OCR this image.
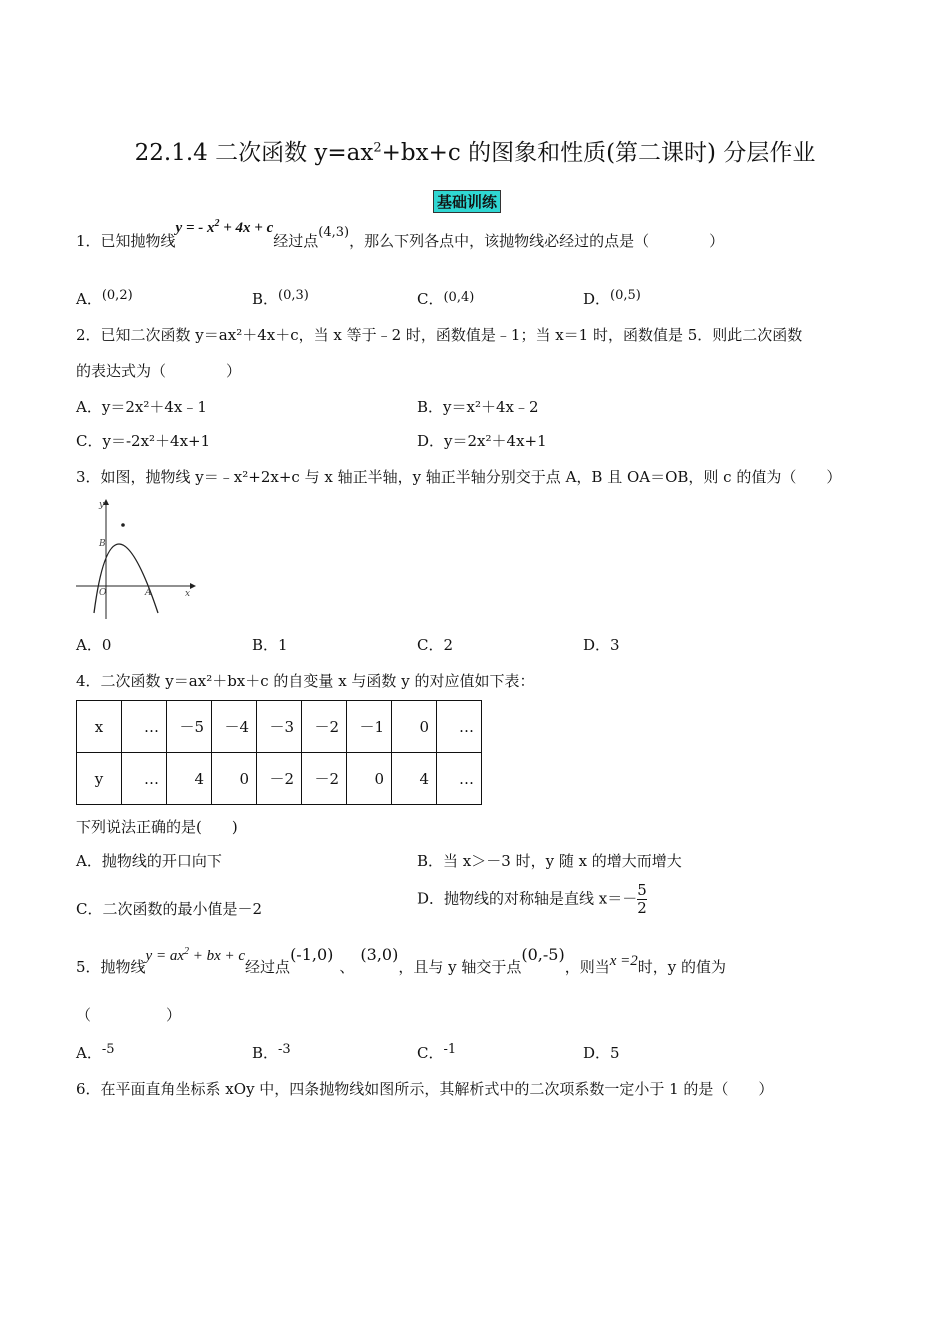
22.1.4 二次函数 $y=ax^2+bx+c$ 的图象和性质(第二课时) 分层作业
基础训练
1．已知抛物线y = - $x^2 + 4x + c$经过点(4,3)，那么下列各点中，该抛物线必经过的点是（　　　　）
A．(0,2)	B．(0,3)	C．(0,4)	D．(0,5)
2．已知二次函数 y＝ax²＋4x＋c，当 x 等于﹣2 时，函数值是﹣1；当 x＝1 时，函数值是 5．则此二次函数
的表达式为（　　　　）
A．y＝2x²＋4x﹣1	B．y＝x²＋4x﹣2
C．y＝-2x²＋4x+1	D．y＝2x²＋4x+1
3．如图，抛物线 y＝﹣x²+2x+c 与 x 轴正半轴，y 轴正半轴分别交于点 A，B 且 OA＝OB，则 c 的值为（　　）
y
x
O	A
B
A．0	B．1	C．2	D．3
4．二次函数 y＝ax²＋bx＋c 的自变量 x 与函数 y 的对应值如下表：
x	…	－5	－4	－3	－2	－1	0	…
y	…	4	0	－2	－2	0	4	…
下列说法正确的是(　　)
A．抛物线的开口向下	B．当 x＞－3 时，y 随 x 的增大而增大
C．二次函数的最小值是－2
D．抛物线的对称轴是直线 $x=- \frac{5}{2}$
5．抛物线$y = ax^2$ + bx + c经过点(-1,0)、(3,0)，且与 y 轴交于点(0,-5)，则当x =2时，y 的值为
（　　　　　）
A．-5	B．-3	C．-1	D．5
6．在平面直角坐标系 xOy 中，四条抛物线如图所示，其解析式中的二次项系数一定小于 1 的是（　　）
